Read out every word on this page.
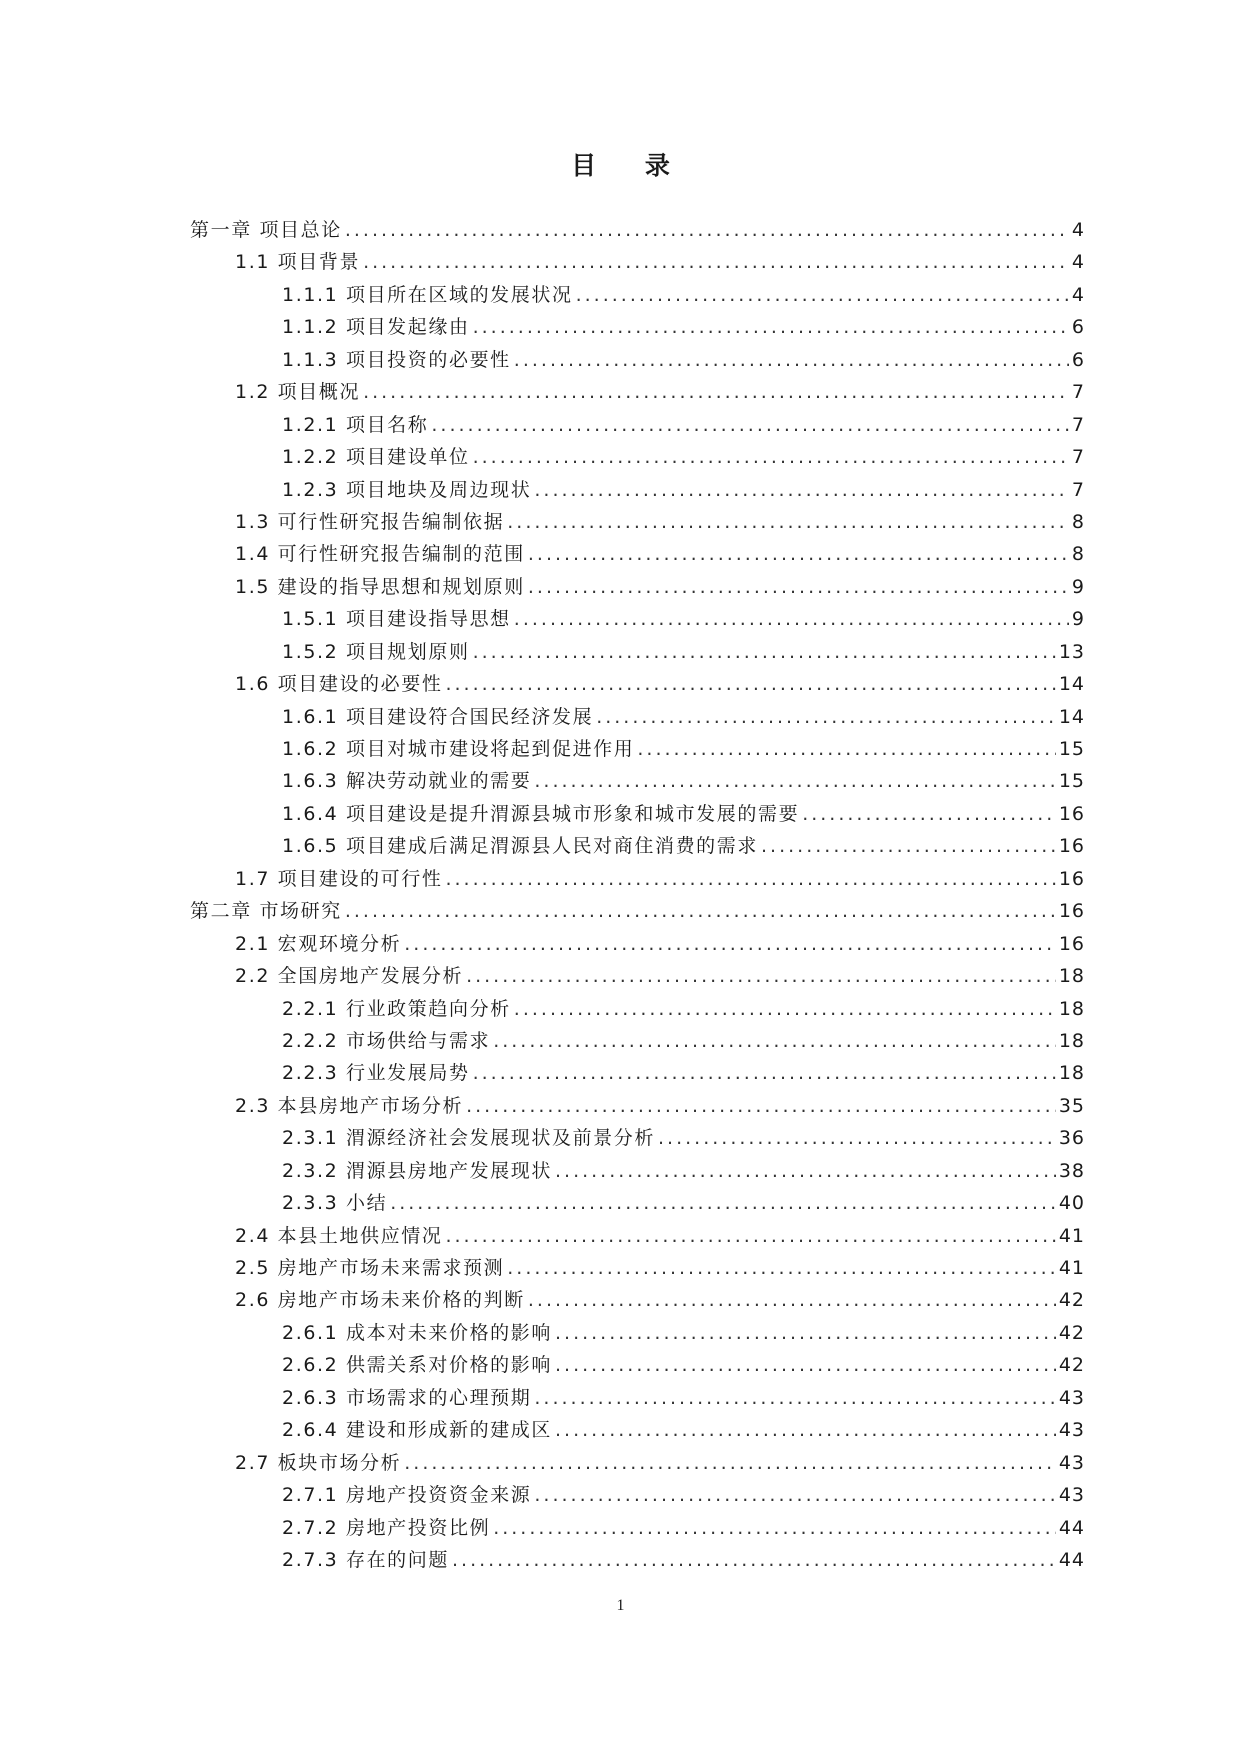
目 录
第一章 项目总论 .....	4
1.1 项目背景 .....	4
1.1.1 项目所在区域的发展状况 .....	4
1.1.2 项目发起缘由 .....	6
1.1.3 项目投资的必要性 .....	6
1.2 项目概况 .....	7
1.2.1 项目名称 .....	7
1.2.2 项目建设单位 .....	7
1.2.3 项目地块及周边现状 .....	7
1.3 可行性研究报告编制依据 .....	8
1.4 可行性研究报告编制的范围 .....	8
1.5 建设的指导思想和规划原则 .....	9
1.5.1 项目建设指导思想 .....	9
1.5.2 项目规划原则 .....	13
1.6 项目建设的必要性 .....	14
1.6.1 项目建设符合国民经济发展 .....	14
1.6.2 项目对城市建设将起到促进作用 .....	15
1.6.3 解决劳动就业的需要 .....	15
1.6.4 项目建设是提升渭源县城市形象和城市发展的需要 .....	16
1.6.5 项目建成后满足渭源县人民对商住消费的需求 .....	16
1.7 项目建设的可行性 .....	16
第二章 市场研究 .....	16
2.1 宏观环境分析 .....	16
2.2 全国房地产发展分析 .....	18
2.2.1 行业政策趋向分析 .....	18
2.2.2 市场供给与需求 .....	18
2.2.3 行业发展局势 .....	18
2.3 本县房地产市场分析 .....	35
2.3.1 渭源经济社会发展现状及前景分析 .....	36
2.3.2 渭源县房地产发展现状 .....	38
2.3.3 小结 .....	40
2.4 本县土地供应情况 .....	41
2.5 房地产市场未来需求预测 .....	41
2.6 房地产市场未来价格的判断 .....	42
2.6.1 成本对未来价格的影响 .....	42
2.6.2 供需关系对价格的影响 .....	42
2.6.3 市场需求的心理预期 .....	43
2.6.4 建设和形成新的建成区 .....	43
2.7 板块市场分析 .....	43
2.7.1 房地产投资资金来源 .....	43
2.7.2 房地产投资比例 .....	44
2.7.3 存在的问题 .....	44
1
